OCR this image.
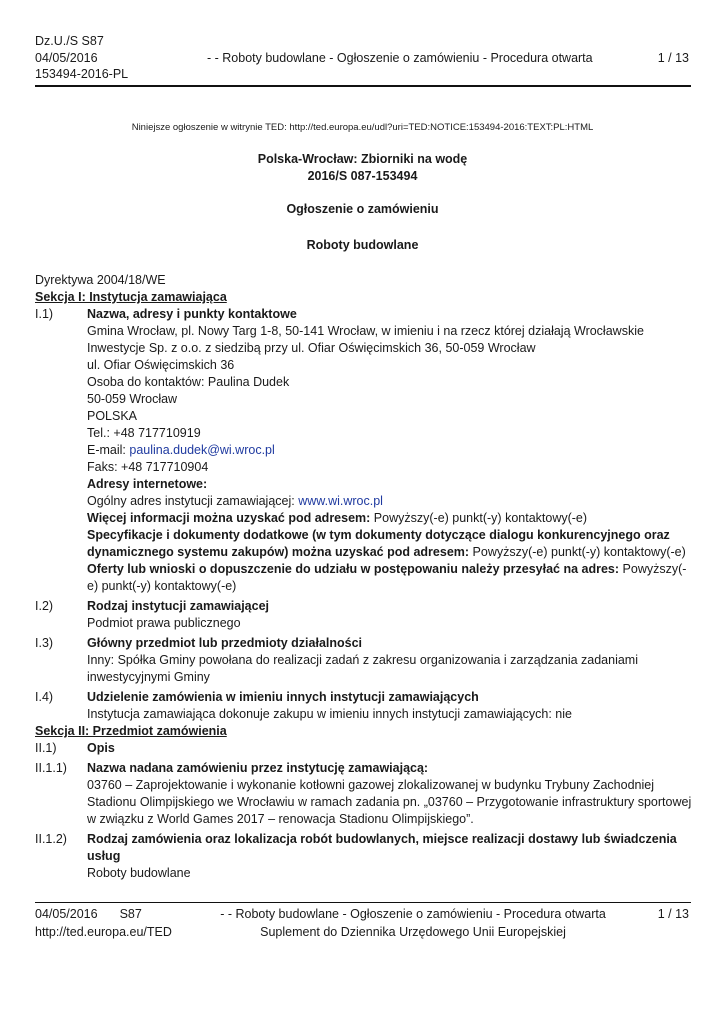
Dz.U./S S87
04/05/2016
153494-2016-PL
- - Roboty budowlane - Ogłoszenie o zamówieniu - Procedura otwarta	1 / 13
Niniejsze ogłoszenie w witrynie TED: http://ted.europa.eu/udl?uri=TED:NOTICE:153494-2016:TEXT:PL:HTML
Polska-Wrocław: Zbiorniki na wodę
2016/S 087-153494
Ogłoszenie o zamówieniu
Roboty budowlane

Dyrektywa 2004/18/WE

Sekcja I: Instytucja zamawiająca

I.1)	Nazwa, adresy i punkty kontaktowe
Gmina Wrocław, pl. Nowy Targ 1-8, 50-141 Wrocław, w imieniu i na rzecz której działają Wrocławskie Inwestycje Sp. z o.o. z siedzibą przy ul. Ofiar Oświęcimskich 36, 50-059 Wrocław
ul. Ofiar Oświęcimskich 36
Osoba do kontaktów: Paulina Dudek
50-059 Wrocław
POLSKA
Tel.: +48 717710919
E-mail: paulina.dudek@wi.wroc.pl
Faks: +48 717710904
Adresy internetowe:
Ogólny adres instytucji zamawiającej: www.wi.wroc.pl
Więcej informacji można uzyskać pod adresem: Powyższy(-e) punkt(-y) kontaktowy(-e)
Specyfikacje i dokumenty dodatkowe (w tym dokumenty dotyczące dialogu konkurencyjnego oraz dynamicznego systemu zakupów) można uzyskać pod adresem: Powyższy(-e) punkt(-y) kontaktowy(-e)
Oferty lub wnioski o dopuszczenie do udziału w postępowaniu należy przesyłać na adres: Powyższy(-e) punkt(-y) kontaktowy(-e)
I.2)	Rodzaj instytucji zamawiającej
Podmiot prawa publicznego
I.3)	Główny przedmiot lub przedmioty działalności
Inny: Spółka Gminy powołana do realizacji zadań z zakresu organizowania i zarządzania zadaniami inwestycyjnymi Gminy
I.4)	Udzielenie zamówienia w imieniu innych instytucji zamawiających
Instytucja zamawiająca dokonuje zakupu w imieniu innych instytucji zamawiających: nie

Sekcja II: Przedmiot zamówienia

II.1)	Opis
II.1.1)	Nazwa nadana zamówieniu przez instytucję zamawiającą:
03760 – Zaprojektowanie i wykonanie kotłowni gazowej zlokalizowanej w budynku Trybuny Zachodniej Stadionu Olimpijskiego we Wrocławiu w ramach zadania pn. „03760 – Przygotowanie infrastruktury sportowej w związku z World Games 2017 – renowacja Stadionu Olimpijskiego”.
II.1.2)	Rodzaj zamówienia oraz lokalizacja robót budowlanych, miejsce realizacji dostawy lub świadczenia usług
Roboty budowlane
04/05/2016 S87
http://ted.europa.eu/TED
- - Roboty budowlane - Ogłoszenie o zamówieniu - Procedura otwarta
Suplement do Dziennika Urzędowego Unii Europejskiej
1 / 13
